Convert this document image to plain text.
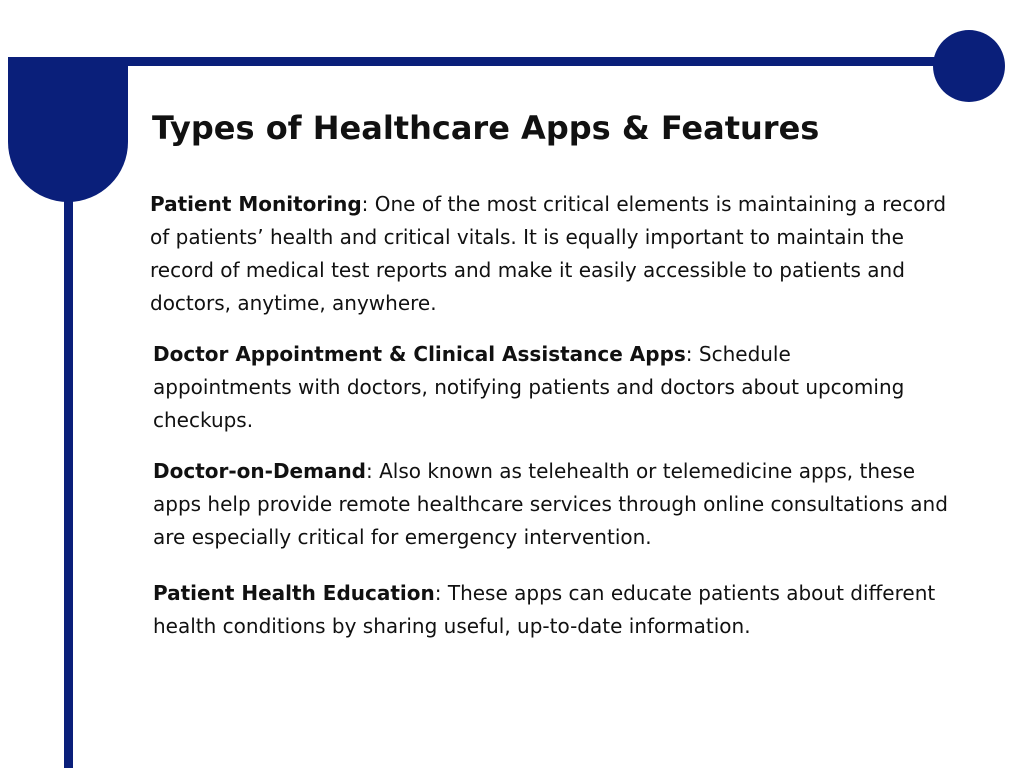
Types of Healthcare Apps & Features

Patient Monitoring: One of the most critical elements is maintaining a record of patients’ health and critical vitals. It is equally important to maintain the record of medical test reports and make it easily accessible to patients and doctors, anytime, anywhere.

Doctor Appointment & Clinical Assistance Apps: Schedule appointments with doctors, notifying patients and doctors about upcoming checkups.

Doctor-on-Demand: Also known as telehealth or telemedicine apps, these apps help provide remote healthcare services through online consultations and are especially critical for emergency intervention.

Patient Health Education: These apps can educate patients about different health conditions by sharing useful, up-to-date information.
